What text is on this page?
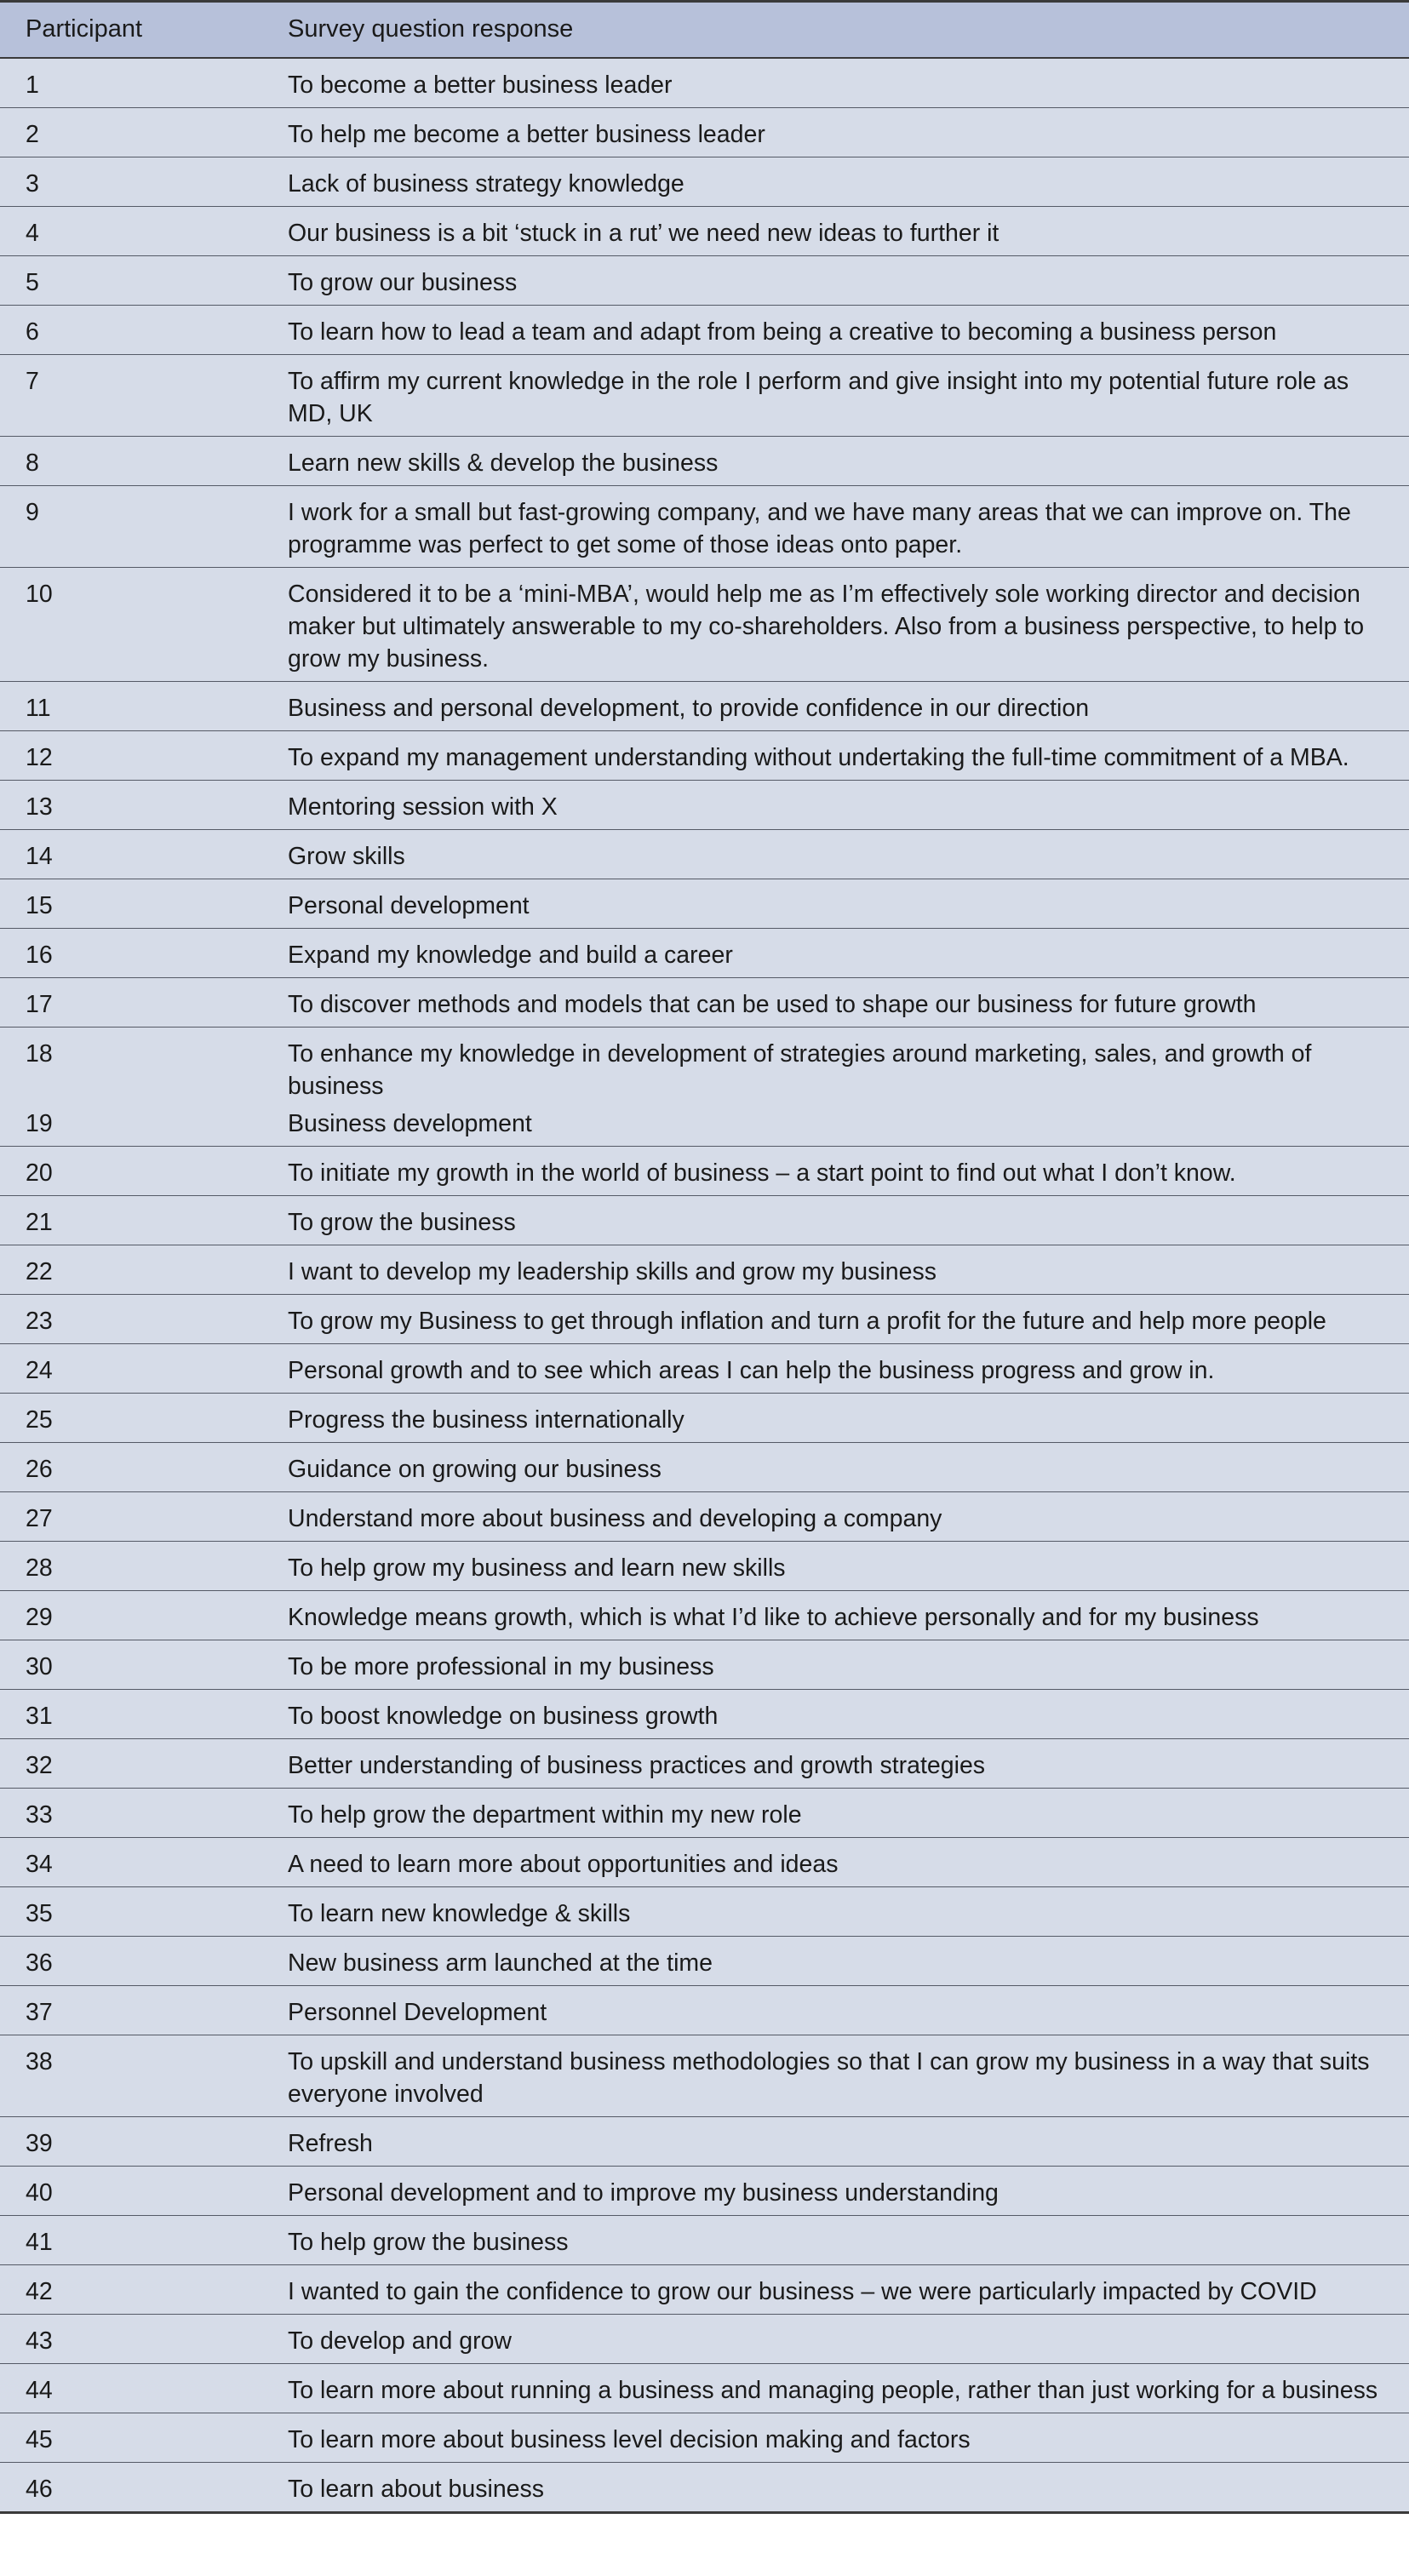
Participant	Survey question response
1	To become a better business leader
2	To help me become a better business leader
3	Lack of business strategy knowledge
4	Our business is a bit ‘stuck in a rut’ we need new ideas to further it
5	To grow our business
6	To learn how to lead a team and adapt from being a creative to becoming a business person
7	To affirm my current knowledge in the role I perform and give insight into my potential future role as MD, UK
8	Learn new skills & develop the business
9	I work for a small but fast-growing company, and we have many areas that we can improve on. The programme was perfect to get some of those ideas onto paper.
10	Considered it to be a ‘mini-MBA’, would help me as I’m effectively sole working director and decision maker but ultimately answerable to my co-shareholders. Also from a business perspective, to help to grow my business.
11	Business and personal development, to provide confidence in our direction
12	To expand my management understanding without undertaking the full-time commitment of a MBA.
13	Mentoring session with X
14	Grow skills
15	Personal development
16	Expand my knowledge and build a career
17	To discover methods and models that can be used to shape our business for future growth
18	To enhance my knowledge in development of strategies around marketing, sales, and growth of business
19	Business development
20	To initiate my growth in the world of business – a start point to find out what I don’t know.
21	To grow the business
22	I want to develop my leadership skills and grow my business
23	To grow my Business to get through inflation and turn a profit for the future and help more people
24	Personal growth and to see which areas I can help the business progress and grow in.
25	Progress the business internationally
26	Guidance on growing our business
27	Understand more about business and developing a company
28	To help grow my business and learn new skills
29	Knowledge means growth, which is what I’d like to achieve personally and for my business
30	To be more professional in my business
31	To boost knowledge on business growth
32	Better understanding of business practices and growth strategies
33	To help grow the department within my new role
34	A need to learn more about opportunities and ideas
35	To learn new knowledge & skills
36	New business arm launched at the time
37	Personnel Development
38	To upskill and understand business methodologies so that I can grow my business in a way that suits everyone involved
39	Refresh
40	Personal development and to improve my business understanding
41	To help grow the business
42	I wanted to gain the confidence to grow our business – we were particularly impacted by COVID
43	To develop and grow
44	To learn more about running a business and managing people, rather than just working for a business
45	To learn more about business level decision making and factors
46	To learn about business
